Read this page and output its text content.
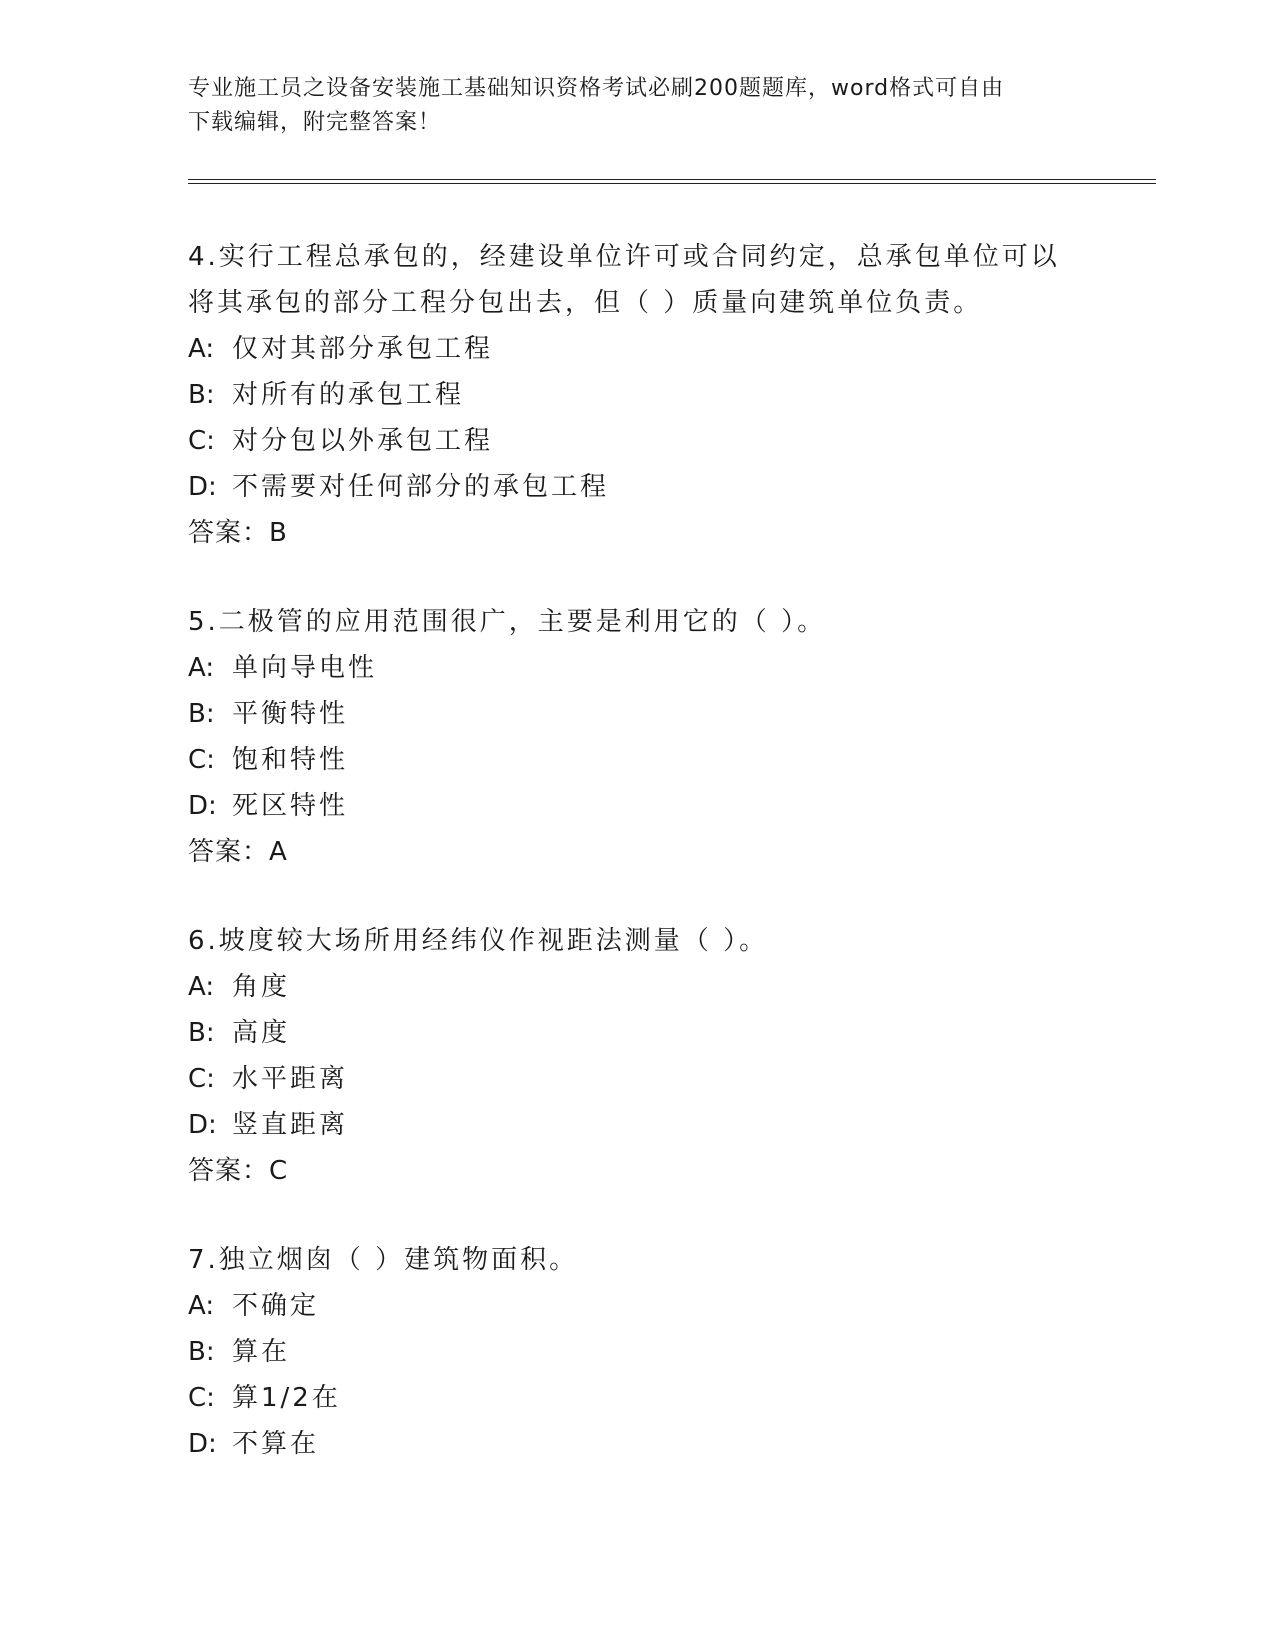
专业施工员之设备安装施工基础知识资格考试必刷200题题库，word格式可自由
下载编辑，附完整答案！

4.实行工程总承包的，经建设单位许可或合同约定，总承包单位可以

将其承包的部分工程分包出去，但（ ）质量向建筑单位负责。

A: 仅对其部分承包工程

B: 对所有的承包工程

C: 对分包以外承包工程

D: 不需要对任何部分的承包工程

答案：B

5.二极管的应用范围很广，主要是利用它的（ ）。

A: 单向导电性

B: 平衡特性

C: 饱和特性

D: 死区特性

答案：A

6.坡度较大场所用经纬仪作视距法测量（ ）。

A: 角度

B: 高度

C: 水平距离

D: 竖直距离

答案：C

7.独立烟囱（ ）建筑物面积。

A: 不确定

B: 算在

C: 算1/2在

D: 不算在
